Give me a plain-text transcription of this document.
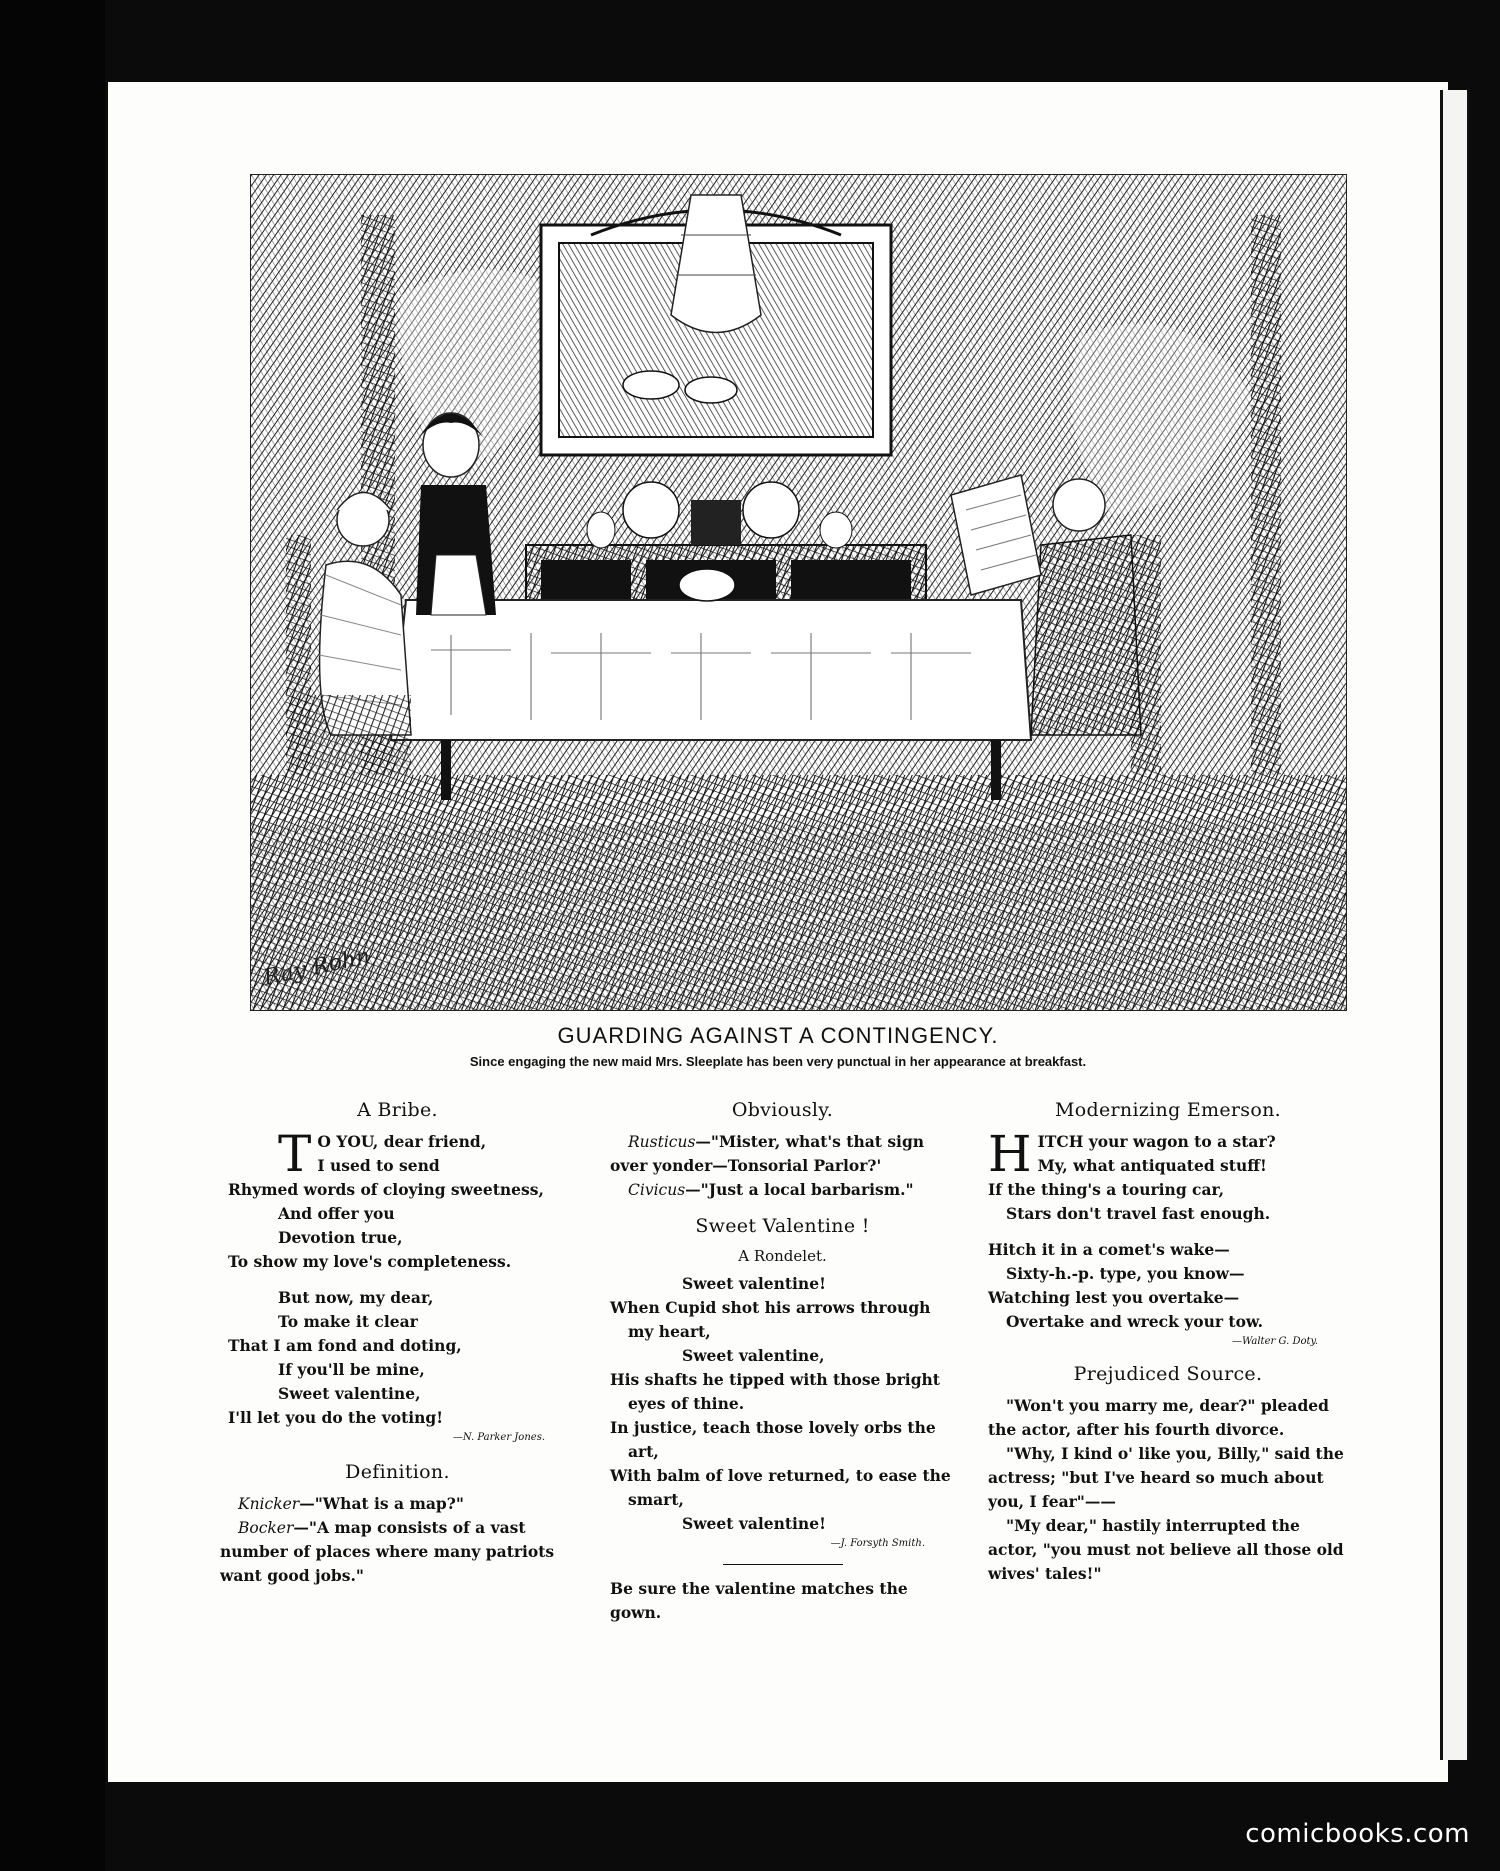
Ray Rohn
GUARDING AGAINST A CONTINGENCY.
Since engaging the new maid Mrs. Sleeplate has been very punctual in her appearance at breakfast.
A Bribe.
T O YOU, dear friend,
I used to send
Rhymed words of cloying sweetness,
And offer you
Devotion true,
To show my love's completeness.
But now, my dear,
To make it clear
That I am fond and doting,
If you'll be mine,
Sweet valentine,
I'll let you do the voting!
—N. Parker Jones.
Definition.
Knicker—"What is a map?"
Bocker—"A map consists of a vast number of places where many patriots want good jobs."
Obviously.
Rusticus—"Mister, what's that sign over yonder—Tonsorial Parlor?'
Civicus—"Just a local barbarism."
Sweet Valentine !
A Rondelet.
Sweet valentine!
When Cupid shot his arrows through my heart,
Sweet valentine,
His shafts he tipped with those bright eyes of thine.
In justice, teach those lovely orbs the art,
With balm of love returned, to ease the smart,
Sweet valentine!
—J. Forsyth Smith.
Be sure the valentine matches the gown.
Modernizing Emerson.
HITCH your wagon to a star?
My, what antiquated stuff!
If the thing's a touring car,
Stars don't travel fast enough.
Hitch it in a comet's wake—
Sixty-h.-p. type, you know—
Watching lest you overtake—
Overtake and wreck your tow.
—Walter G. Doty.
Prejudiced Source.
"Won't you marry me, dear?" pleaded the actor, after his fourth divorce.
"Why, I kind o' like you, Billy," said the actress; "but I've heard so much about you, I fear"——
"My dear," hastily interrupted the actor, "you must not believe all those old wives' tales!"
comicbooks.com
